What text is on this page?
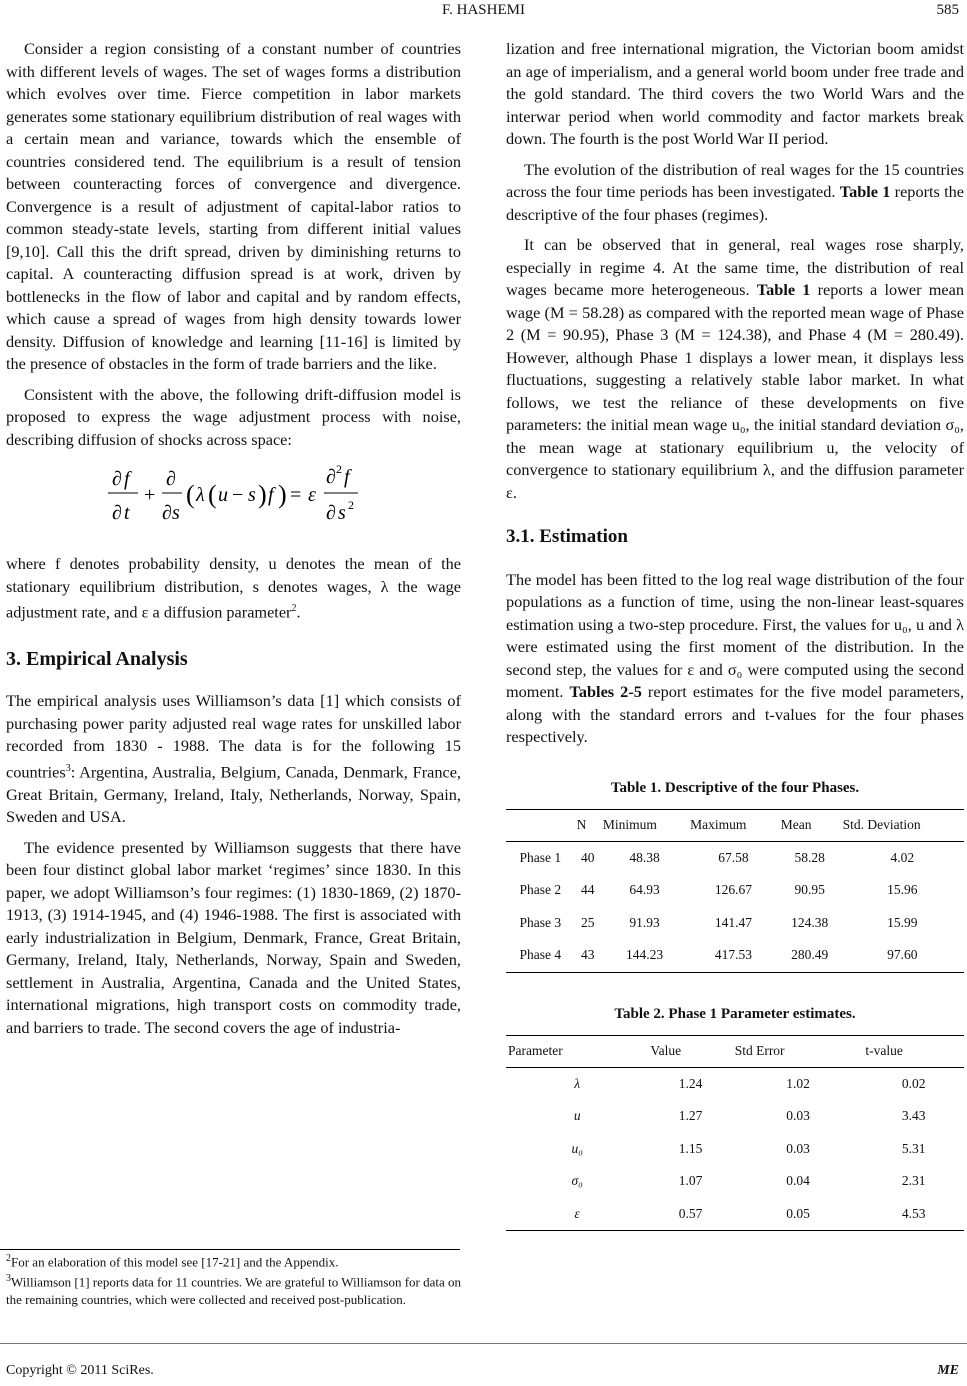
F. HASHEMI	585

Consider a region consisting of a constant number of countries with different levels of wages. The set of wages forms a distribution which evolves over time. Fierce competition in labor markets generates some stationary equilibrium distribution of real wages with a certain mean and variance, towards which the ensemble of countries considered tend. The equilibrium is a result of tension between counteracting forces of convergence and divergence. Convergence is a result of adjustment of capital-labor ratios to common steady-state levels, starting from different initial values [9,10]. Call this the drift spread, driven by diminishing returns to capital. A counteracting diffusion spread is at work, driven by bottlenecks in the flow of labor and capital and by random effects, which cause a spread of wages from high density towards lower density. Diffusion of knowledge and learning [11-16] is limited by the presence of obstacles in the form of trade barriers and the like.

Consistent with the above, the following drift-diffusion model is proposed to express the wage adjustment process with noise, describing diffusion of shocks across space:

∂ f
∂ t
+
∂
∂ s
( λ ( u − s ) f ) = ε
∂ 2 f
∂ s 2

where f denotes probability density, u denotes the mean of the stationary equilibrium distribution, s denotes wages, λ the wage adjustment rate, and ε a diffusion parameter$^2$.

3. Empirical Analysis

The empirical analysis uses Williamson’s data [1] which consists of purchasing power parity adjusted real wage rates for unskilled labor recorded from 1830 - 1988. The data is for the following 15 countries$^3$: Argentina, Australia, Belgium, Canada, Denmark, France, Great Britain, Germany, Ireland, Italy, Netherlands, Norway, Spain, Sweden and USA.

The evidence presented by Williamson suggests that there have been four distinct global labor market ‘regimes’ since 1830. In this paper, we adopt Williamson’s four regimes: (1) 1830-1869, (2) 1870-1913, (3) 1914-1945, and (4) 1946-1988. The first is associated with early industrialization in Belgium, Denmark, France, Great Britain, Germany, Ireland, Italy, Netherlands, Norway, Spain and Sweden, settlement in Australia, Argentina, Canada and the United States, international migrations, high transport costs on commodity trade, and barriers to trade. The second covers the age of industria-

$^2$For an elaboration of this model see [17-21] and the Appendix.
$^3$Williamson [1] reports data for 11 countries. We are grateful to Williamson for data on the remaining countries, which were collected and received post-publication.

lization and free international migration, the Victorian boom amidst an age of imperialism, and a general world boom under free trade and the gold standard. The third covers the two World Wars and the interwar period when world commodity and factor markets break down. The fourth is the post World War II period.

The evolution of the distribution of real wages for the 15 countries across the four time periods has been investigated. Table 1 reports the descriptive of the four phases (regimes).

It can be observed that in general, real wages rose sharply, especially in regime 4. At the same time, the distribution of real wages became more heterogeneous. Table 1 reports a lower mean wage (M = 58.28) as compared with the reported mean wage of Phase 2 (M = 90.95), Phase 3 (M = 124.38), and Phase 4 (M = 280.49). However, although Phase 1 displays a lower mean, it displays less fluctuations, suggesting a relatively stable labor market. In what follows, we test the reliance of these developments on five parameters: the initial mean wage u₀, the initial standard deviation σ₀, the mean wage at stationary equilibrium u, the velocity of convergence to stationary equilibrium λ, and the diffusion parameter ε.

3.1. Estimation

The model has been fitted to the log real wage distribution of the four populations as a function of time, using the non-linear least-squares estimation using a two-step procedure. First, the values for u₀, u and λ were estimated using the first moment of the distribution. In the second step, the values for ε and σ₀ were computed using the second moment. Tables 2-5 report estimates for the five model parameters, along with the standard errors and t-values for the four phases respectively.

Table 1. Descriptive of the four Phases.
	N	Minimum	Maximum	Mean	Std. Deviation
Phase 1	40	48.38	67.58	58.28	4.02
Phase 2	44	64.93	126.67	90.95	15.96
Phase 3	25	91.93	141.47	124.38	15.99
Phase 4	43	144.23	417.53	280.49	97.60
Table 2. Phase 1 Parameter estimates.
Parameter	Value	Std Error	t-value
λ	1.24	1.02	0.02
u	1.27	0.03	3.43
u₀	1.15	0.03	5.31
σ₀	1.07	0.04	2.31
ε	0.57	0.05	4.53
Copyright © 2011 SciRes.	ME
